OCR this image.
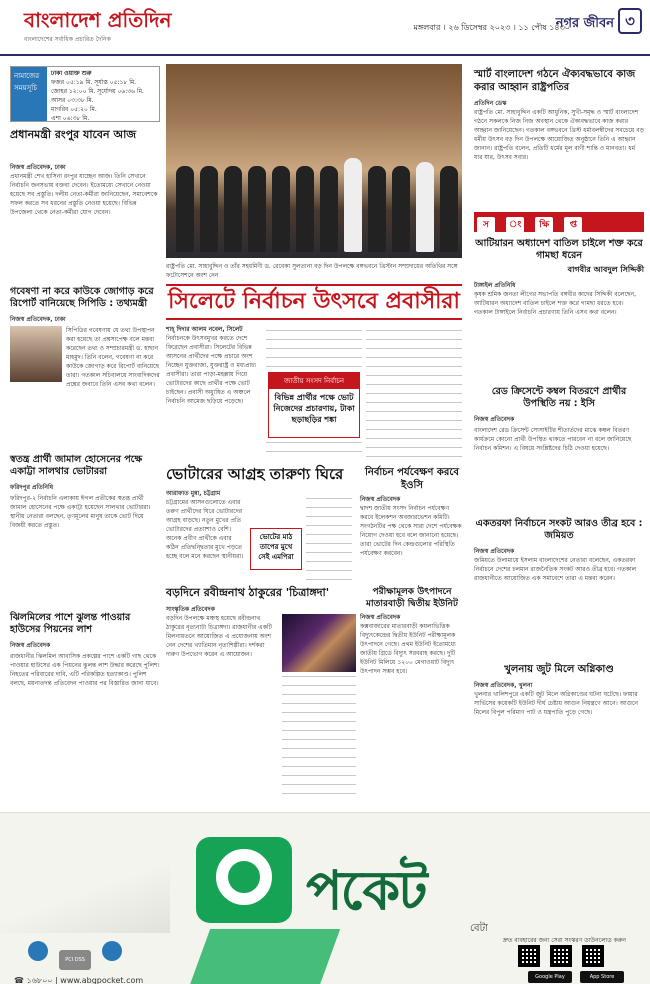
বাংলাদেশ প্রতিদিন
বাংলাদেশের সর্বাধিক প্রচারিত দৈনিক
মঙ্গলবার । ২৬ ডিসেম্বর ২০২৩ । ১১ পৌষ ১৪৩০
নগর জীবন ৩
নামাজের সময়সূচি
ঢাকা ওয়াক্ত শুরু
ফজর ০৫:১৯ মি. সূর্যাস্ত ০৫:১৮ মি.
জোহর ১২:০০ মি. সূর্যোদয় ০৬:৩৬ মি.
আসর ০৩:৩৮ মি.
মাগরিব ০৫:২০ মি.
এশা ০৬:৩৮ মি.
প্রধানমন্ত্রী রংপুর যাবেন আজ
নিজস্ব প্রতিবেদক, ঢাকা
প্রধানমন্ত্রী শেখ হাসিনা রংপুর যাচ্ছেন আজ। তিনি সেখানে নির্বাচনি জনসভায় বক্তব্য দেবেন। ইতোমধ্যে সেখানে নেওয়া হয়েছে সব প্রস্তুতি। দলীয় নেতা-কর্মীরা জানিয়েছেন, সমাবেশকে সফল করতে সব ধরনের প্রস্তুতি নেওয়া হয়েছে। বিভিন্ন উপজেলা থেকে নেতা-কর্মীরা যোগ দেবেন।
গবেষণা না করে কাউকে জোগাড় করে রিপোর্ট বানিয়েছে সিপিডি : তথ্যমন্ত্রী
নিজস্ব প্রতিবেদক, ঢাকা
সিপিডির গবেষণায় যে তথ্য উপস্থাপন করা হয়েছে তা প্রশ্নসাপেক্ষ বলে মন্তব্য করেছেন তথ্য ও সম্প্রচারমন্ত্রী ড. হাছান মাহমুদ। তিনি বলেন, গবেষণা না করে কাউকে জোগাড় করে রিপোর্ট বানিয়েছে তারা। গতকাল সচিবালয়ে সাংবাদিকদের প্রশ্নের জবাবে তিনি এসব কথা বলেন।
স্বতন্ত্র প্রার্থী জামাল হোসেনের পক্ষে একাট্টা সালথার ভোটাররা
ফরিদপুর প্রতিনিধি
ফরিদপুর-২ নির্বাচনি এলাকায় ঈগল প্রতীকের স্বতন্ত্র প্রার্থী জামাল হোসেনের পক্ষে একাট্টা হয়েছেন সালথার ভোটাররা। স্থানীয় নেতারা বলছেন, তৃণমূলের মানুষ তাকে ভোট দিয়ে বিজয়ী করতে প্রস্তুত।
ঝিলমিলের পাশে ঝুলন্ত পাওয়ার হাউসের পিয়নের লাশ
নিজস্ব প্রতিবেদক
রাজধানীর ঝিলমিল আবাসিক প্রকল্পের পাশে একটি গাছ থেকে পাওয়ার হাউসের এক পিয়নের ঝুলন্ত লাশ উদ্ধার করেছে পুলিশ। নিহতের পরিবারের দাবি, এটি পরিকল্পিত হত্যাকাণ্ড। পুলিশ বলছে, ময়নাতদন্ত প্রতিবেদন পাওয়ার পর বিস্তারিত জানা যাবে।
রাষ্ট্রপতি মো. সাহাবুদ্দিন ও তাঁর সহধর্মিণী ড. রেবেকা সুলতানা বড় দিন উপলক্ষে বঙ্গভবনে খ্রিস্টান সম্প্রদায়ের অতিথির সঙ্গে ফটোসেশনে অংশ নেন
স্মার্ট বাংলাদেশ গঠনে ঐক্যবদ্ধভাবে কাজ করার আহ্বান রাষ্ট্রপতির
প্রতিদিন ডেস্ক
রাষ্ট্রপতি মো. সাহাবুদ্দিন একটি আধুনিক, সুখী-সমৃদ্ধ ও স্মার্ট বাংলাদেশ গঠনে সকলকে নিজ নিজ অবস্থান থেকে ঐক্যবদ্ধভাবে কাজ করার আহ্বান জানিয়েছেন। গতকাল বঙ্গভবনে খ্রিস্ট ধর্মাবলম্বীদের সবচেয়ে বড় ধর্মীয় উৎসব বড় দিন উপলক্ষে আয়োজিত অনুষ্ঠানে তিনি এ আহ্বান জানান। রাষ্ট্রপতি বলেন, প্রতিটি ধর্মের মূল বাণী শান্তি ও মানবতা। ধর্ম যার যার, উৎসব সবার।
স ং ক্ষি প্ত
আটিয়ারন অধ্যাদেশ বাতিল চাইলে শক্ত করে গামছা ধরেন
বাগবীর আবদুল সিদ্দিকী
টাঙ্গাইল প্রতিনিধি
কৃষক শ্রমিক জনতা লীগের সভাপতি বঙ্গবীর কাদের সিদ্দিকী বলেছেন, আটিয়ারন অধ্যাদেশ বাতিল চাইলে শক্ত করে গামছা ধরতে হবে। গতকাল টাঙ্গাইলে নির্বাচনি প্রচারণায় তিনি এসব কথা বলেন।
রেড ক্রিসেন্টে কম্বল বিতরণে প্রার্থীর উপস্থিতি নয় : ইসি
নিজস্ব প্রতিবেদক
বাংলাদেশ রেড ক্রিসেন্ট সোসাইটির শীতার্তদের মাঝে কম্বল বিতরণ কার্যক্রমে কোনো প্রার্থী উপস্থিত থাকতে পারবেন না বলে জানিয়েছে নির্বাচন কমিশন। এ বিষয়ে সংশ্লিষ্টদের চিঠি দেওয়া হয়েছে।
একতরফা নির্বাচনে সংকট আরও তীব্র হবে : জমিয়ত
নিজস্ব প্রতিবেদক
জমিয়তে উলামায়ে ইসলাম বাংলাদেশের নেতারা বলেছেন, একতরফা নির্বাচনে দেশের চলমান রাজনৈতিক সংকট আরও তীব্র হবে। গতকাল রাজধানীতে আয়োজিত এক সমাবেশে তারা এ মন্তব্য করেন।
খুলনায় জুট মিলে অগ্নিকাণ্ড
নিজস্ব প্রতিবেদক, খুলনা
খুলনার খালিশপুরে একটি জুট মিলে অগ্নিকাণ্ডের ঘটনা ঘটেছে। ফায়ার সার্ভিসের কয়েকটি ইউনিট দীর্ঘ চেষ্টায় আগুন নিয়ন্ত্রণে আনে। আগুনে মিলের বিপুল পরিমাণ পাট ও যন্ত্রপাতি পুড়ে গেছে।
সিলেটে নির্বাচন উৎসবে প্রবাসীরা
শাহ্ দিদার আলম নবেল, সিলেট
নির্বাচনকে উৎসবমুখর করতে দেশে ফিরেছেন প্রবাসীরা। সিলেটের বিভিন্ন আসনের প্রার্থীদের পক্ষে প্রচারে অংশ নিচ্ছেন যুক্তরাজ্য, যুক্তরাষ্ট্র ও মধ্যপ্রাচ্য প্রবাসীরা। তারা পাড়া-মহল্লায় গিয়ে ভোটারদের কাছে প্রার্থীর পক্ষে ভোট চাইছেন। প্রবাসী অধ্যুষিত এ অঞ্চলে নির্বাচনি আমেজ ছড়িয়ে পড়েছে।
জাতীয় সংসদ নির্বাচন
বিভিন্ন প্রার্থীর পক্ষে ভোট নিজেদের প্রচারণায়, টাকা ছড়াছড়ির শঙ্কা
ভোটারের আগ্রহ তারুণ্য ঘিরে
আরাফাত মুন্না, চট্টগ্রাম
চট্টগ্রামের আসনগুলোতে এবার তরুণ প্রার্থীদের ঘিরে ভোটারদের আগ্রহ বাড়ছে। নতুন মুখের প্রতি ভোটারদের প্রত্যাশাও বেশি। অনেক প্রবীণ প্রার্থীকে এবার কঠিন প্রতিদ্বন্দ্বিতার মুখে পড়তে হচ্ছে বলে মনে করছেন স্থানীয়রা।
ভোটের মাঠ তাপের মুখে সেই এমপিরা
নির্বাচন পর্যবেক্ষণ করবে ইওসি
নিজস্ব প্রতিবেদক
দ্বাদশ জাতীয় সংসদ নির্বাচন পর্যবেক্ষণ করবে ইলেকশন অবজারভেশন কমিটি। সংগঠনটির পক্ষ থেকে সারা দেশে পর্যবেক্ষক নিয়োগ দেওয়া হবে বলে জানানো হয়েছে। তারা ভোটের দিন কেন্দ্রগুলোর পরিস্থিতি পর্যবেক্ষণ করবেন।
পরীক্ষামূলক উৎপাদনে মাতারবাড়ী দ্বিতীয় ইউনিট
নিজস্ব প্রতিবেদক
কক্সবাজারের মাতারবাড়ী কয়লাভিত্তিক বিদ্যুৎকেন্দ্রের দ্বিতীয় ইউনিট পরীক্ষামূলক উৎপাদনে গেছে। প্রথম ইউনিট ইতোমধ্যে জাতীয় গ্রিডে বিদ্যুৎ সরবরাহ করছে। দুটি ইউনিট মিলিয়ে ১২০০ মেগাওয়াট বিদ্যুৎ উৎপাদন সম্ভব হবে।
বড়দিনে রবীন্দ্রনাথ ঠাকুরের 'চিত্রাঙ্গদা'
সাংস্কৃতিক প্রতিবেদক
বড়দিন উপলক্ষে মঞ্চস্থ হয়েছে রবীন্দ্রনাথ ঠাকুরের নৃত্যনাট্য চিত্রাঙ্গদা। রাজধানীর একটি মিলনায়তনে আয়োজিত এ প্রযোজনায় অংশ নেন দেশের খ্যাতিমান নৃত্যশিল্পীরা। দর্শকরা দারুণ উপভোগ করেন এ আয়োজন।
পকেট
বেটা
দ্রুত ব্যবহারের জন্য সেরা সংস্করণ ডাউনলোড করুন
Google Play	App Store
PCI DSS
☎ ১৬৮০০ | www.abgpocket.com
